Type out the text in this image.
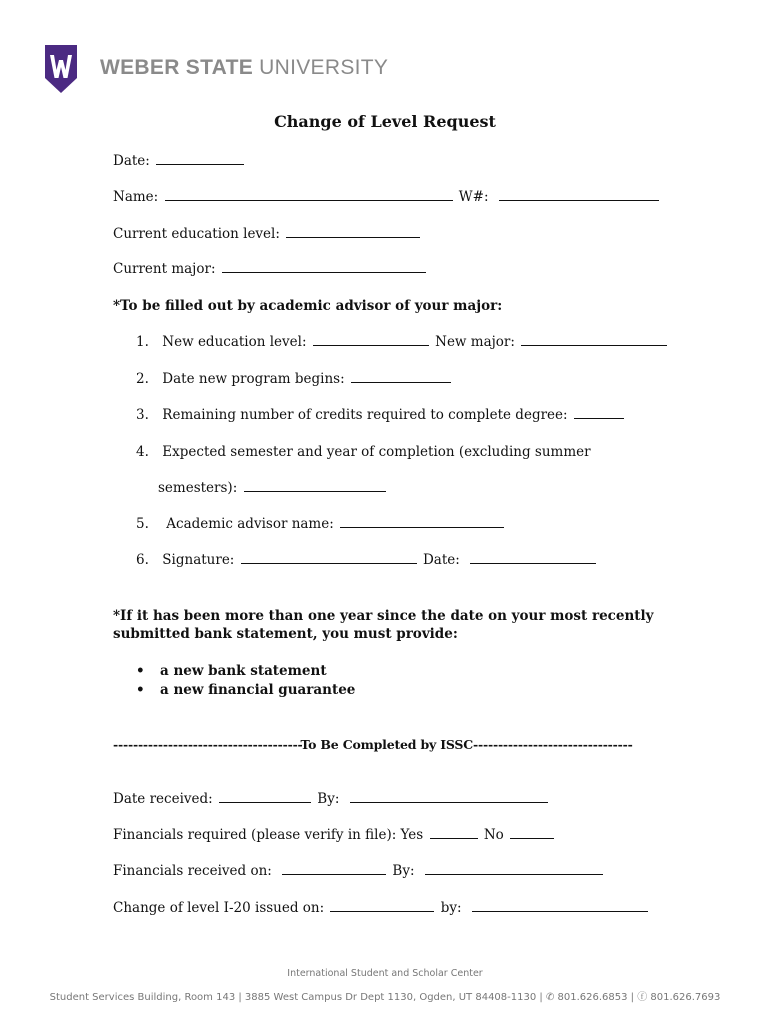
WEBER STATE UNIVERSITY
Change of Level Request
Date:
Name:	W#:
Current education level:
Current major:
*To be filled out by academic advisor of your major:
1. New education level:	New major:
2. Date new program begins:
3. Remaining number of credits required to complete degree:
4. Expected semester and year of completion (excluding summer
semesters):
5. Academic advisor name:
6. Signature:	Date:
*If it has been more than one year since the date on your most recently
submitted bank statement, you must provide:
• a new bank statement
• a new financial guarantee
--------------------------------------To Be Completed by ISSC--------------------------------
Date received:	By:
Financials required (please verify in file): Yes	No
Financials received on:	By:
Change of level I-20 issued on:	by:
International Student and Scholar Center
Student Services Building, Room 143 | 3885 West Campus Dr Dept 1130, Ogden, UT 84408-1130 | ✆ 801.626.6853 | ⓕ 801.626.7693
